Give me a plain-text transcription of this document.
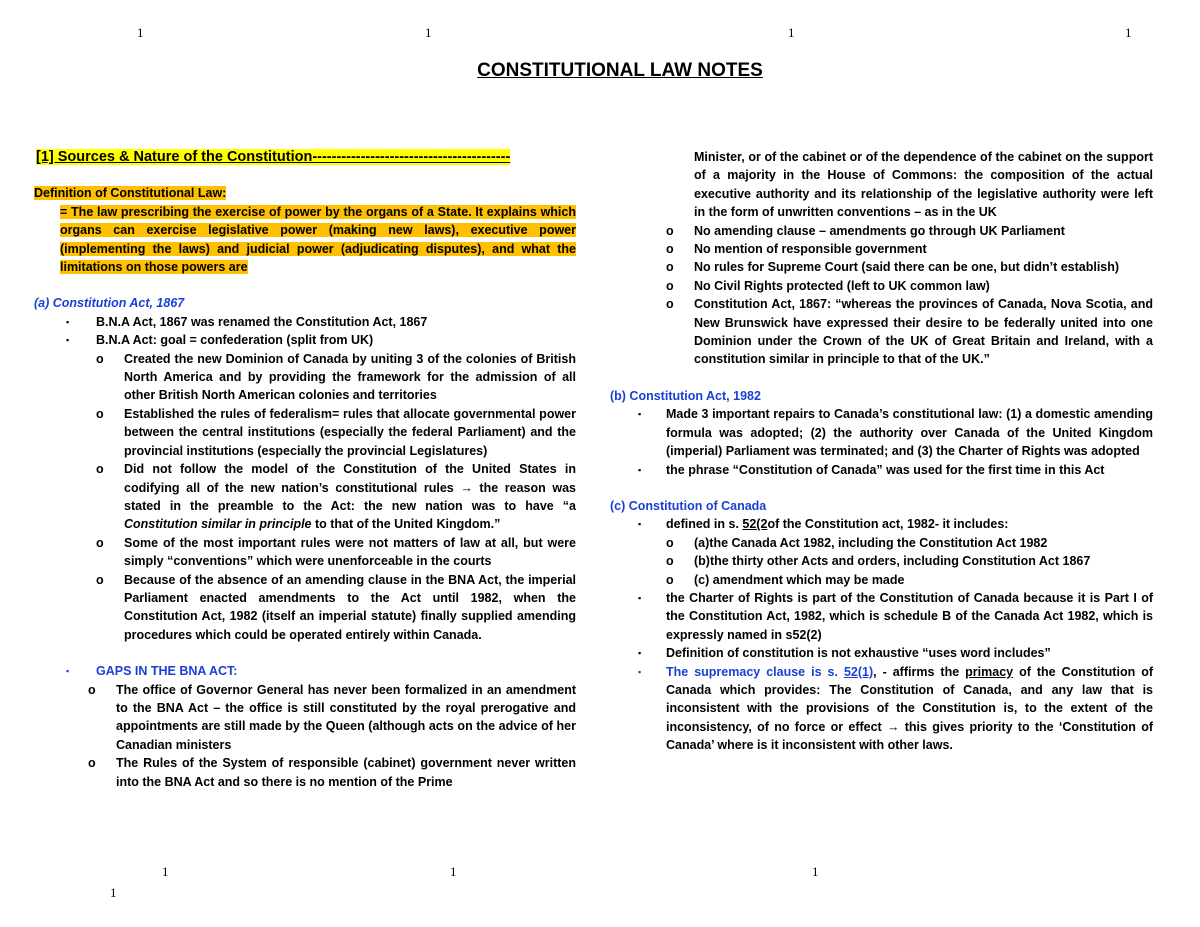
1	1	1	1
CONSTITUTIONAL LAW NOTES
[1] Sources & Nature of the Constitution-----------------------------------------
Definition of Constitutional Law:
= The law prescribing the exercise of power by the organs of a State. It explains which organs can exercise legislative power (making new laws), executive power (implementing the laws) and judicial power (adjudicating disputes), and what the limitations on those powers are
(a) Constitution Act, 1867
▪ B.N.A Act, 1867 was renamed the Constitution Act, 1867
▪ B.N.A Act: goal = confederation (split from UK)
o Created the new Dominion of Canada by uniting 3 of the colonies of British North America and by providing the framework for the admission of all other British North American colonies and territories
o Established the rules of federalism= rules that allocate governmental power between the central institutions (especially the federal Parliament) and the provincial institutions (especially the provincial Legislatures)
o Did not follow the model of the Constitution of the United States in codifying all of the new nation’s constitutional rules → the reason was stated in the preamble to the Act: the new nation was to have “a Constitution similar in principle to that of the United Kingdom.”
o Some of the most important rules were not matters of law at all, but were simply “conventions” which were unenforceable in the courts
o Because of the absence of an amending clause in the BNA Act, the imperial Parliament enacted amendments to the Act until 1982, when the Constitution Act, 1982 (itself an imperial statute) finally supplied amending procedures which could be operated entirely within Canada.
▪ GAPS IN THE BNA ACT:
o The office of Governor General has never been formalized in an amendment to the BNA Act – the office is still constituted by the royal prerogative and appointments are still made by the Queen (although acts on the advice of her Canadian ministers
o The Rules of the System of responsible (cabinet) government never written into the BNA Act and so there is no mention of the Prime
Minister, or of the cabinet or of the dependence of the cabinet on the support of a majority in the House of Commons: the composition of the actual executive authority and its relationship of the legislative authority were left in the form of unwritten conventions – as in the UK
o No amending clause – amendments go through UK Parliament
o No mention of responsible government
o No rules for Supreme Court (said there can be one, but didn’t establish)
o No Civil Rights protected (left to UK common law)
o Constitution Act, 1867: “whereas the provinces of Canada, Nova Scotia, and New Brunswick have expressed their desire to be federally united into one Dominion under the Crown of the UK of Great Britain and Ireland, with a constitution similar in principle to that of the UK.”
(b) Constitution Act, 1982
▪ Made 3 important repairs to Canada’s constitutional law: (1) a domestic amending formula was adopted; (2) the authority over Canada of the United Kingdom (imperial) Parliament was terminated; and (3) the Charter of Rights was adopted
▪ the phrase “Constitution of Canada” was used for the first time in this Act
(c) Constitution of Canada
▪ defined in s. 52(2of the Constitution act, 1982- it includes:
o (a)the Canada Act 1982, including the Constitution Act 1982
o (b)the thirty other Acts and orders, including Constitution Act 1867
o (c) amendment which may be made
▪ the Charter of Rights is part of the Constitution of Canada because it is Part I of the Constitution Act, 1982, which is schedule B of the Canada Act 1982, which is expressly named in s52(2)
▪ Definition of constitution is not exhaustive “uses word includes”
▪ The supremacy clause is s. 52(1), - affirms the primacy of the Constitution of Canada which provides: The Constitution of Canada, and any law that is inconsistent with the provisions of the Constitution is, to the extent of the inconsistency, of no force or effect → this gives priority to the ‘Constitution of Canada’ where is it inconsistent with other laws.
1	1	1
1
